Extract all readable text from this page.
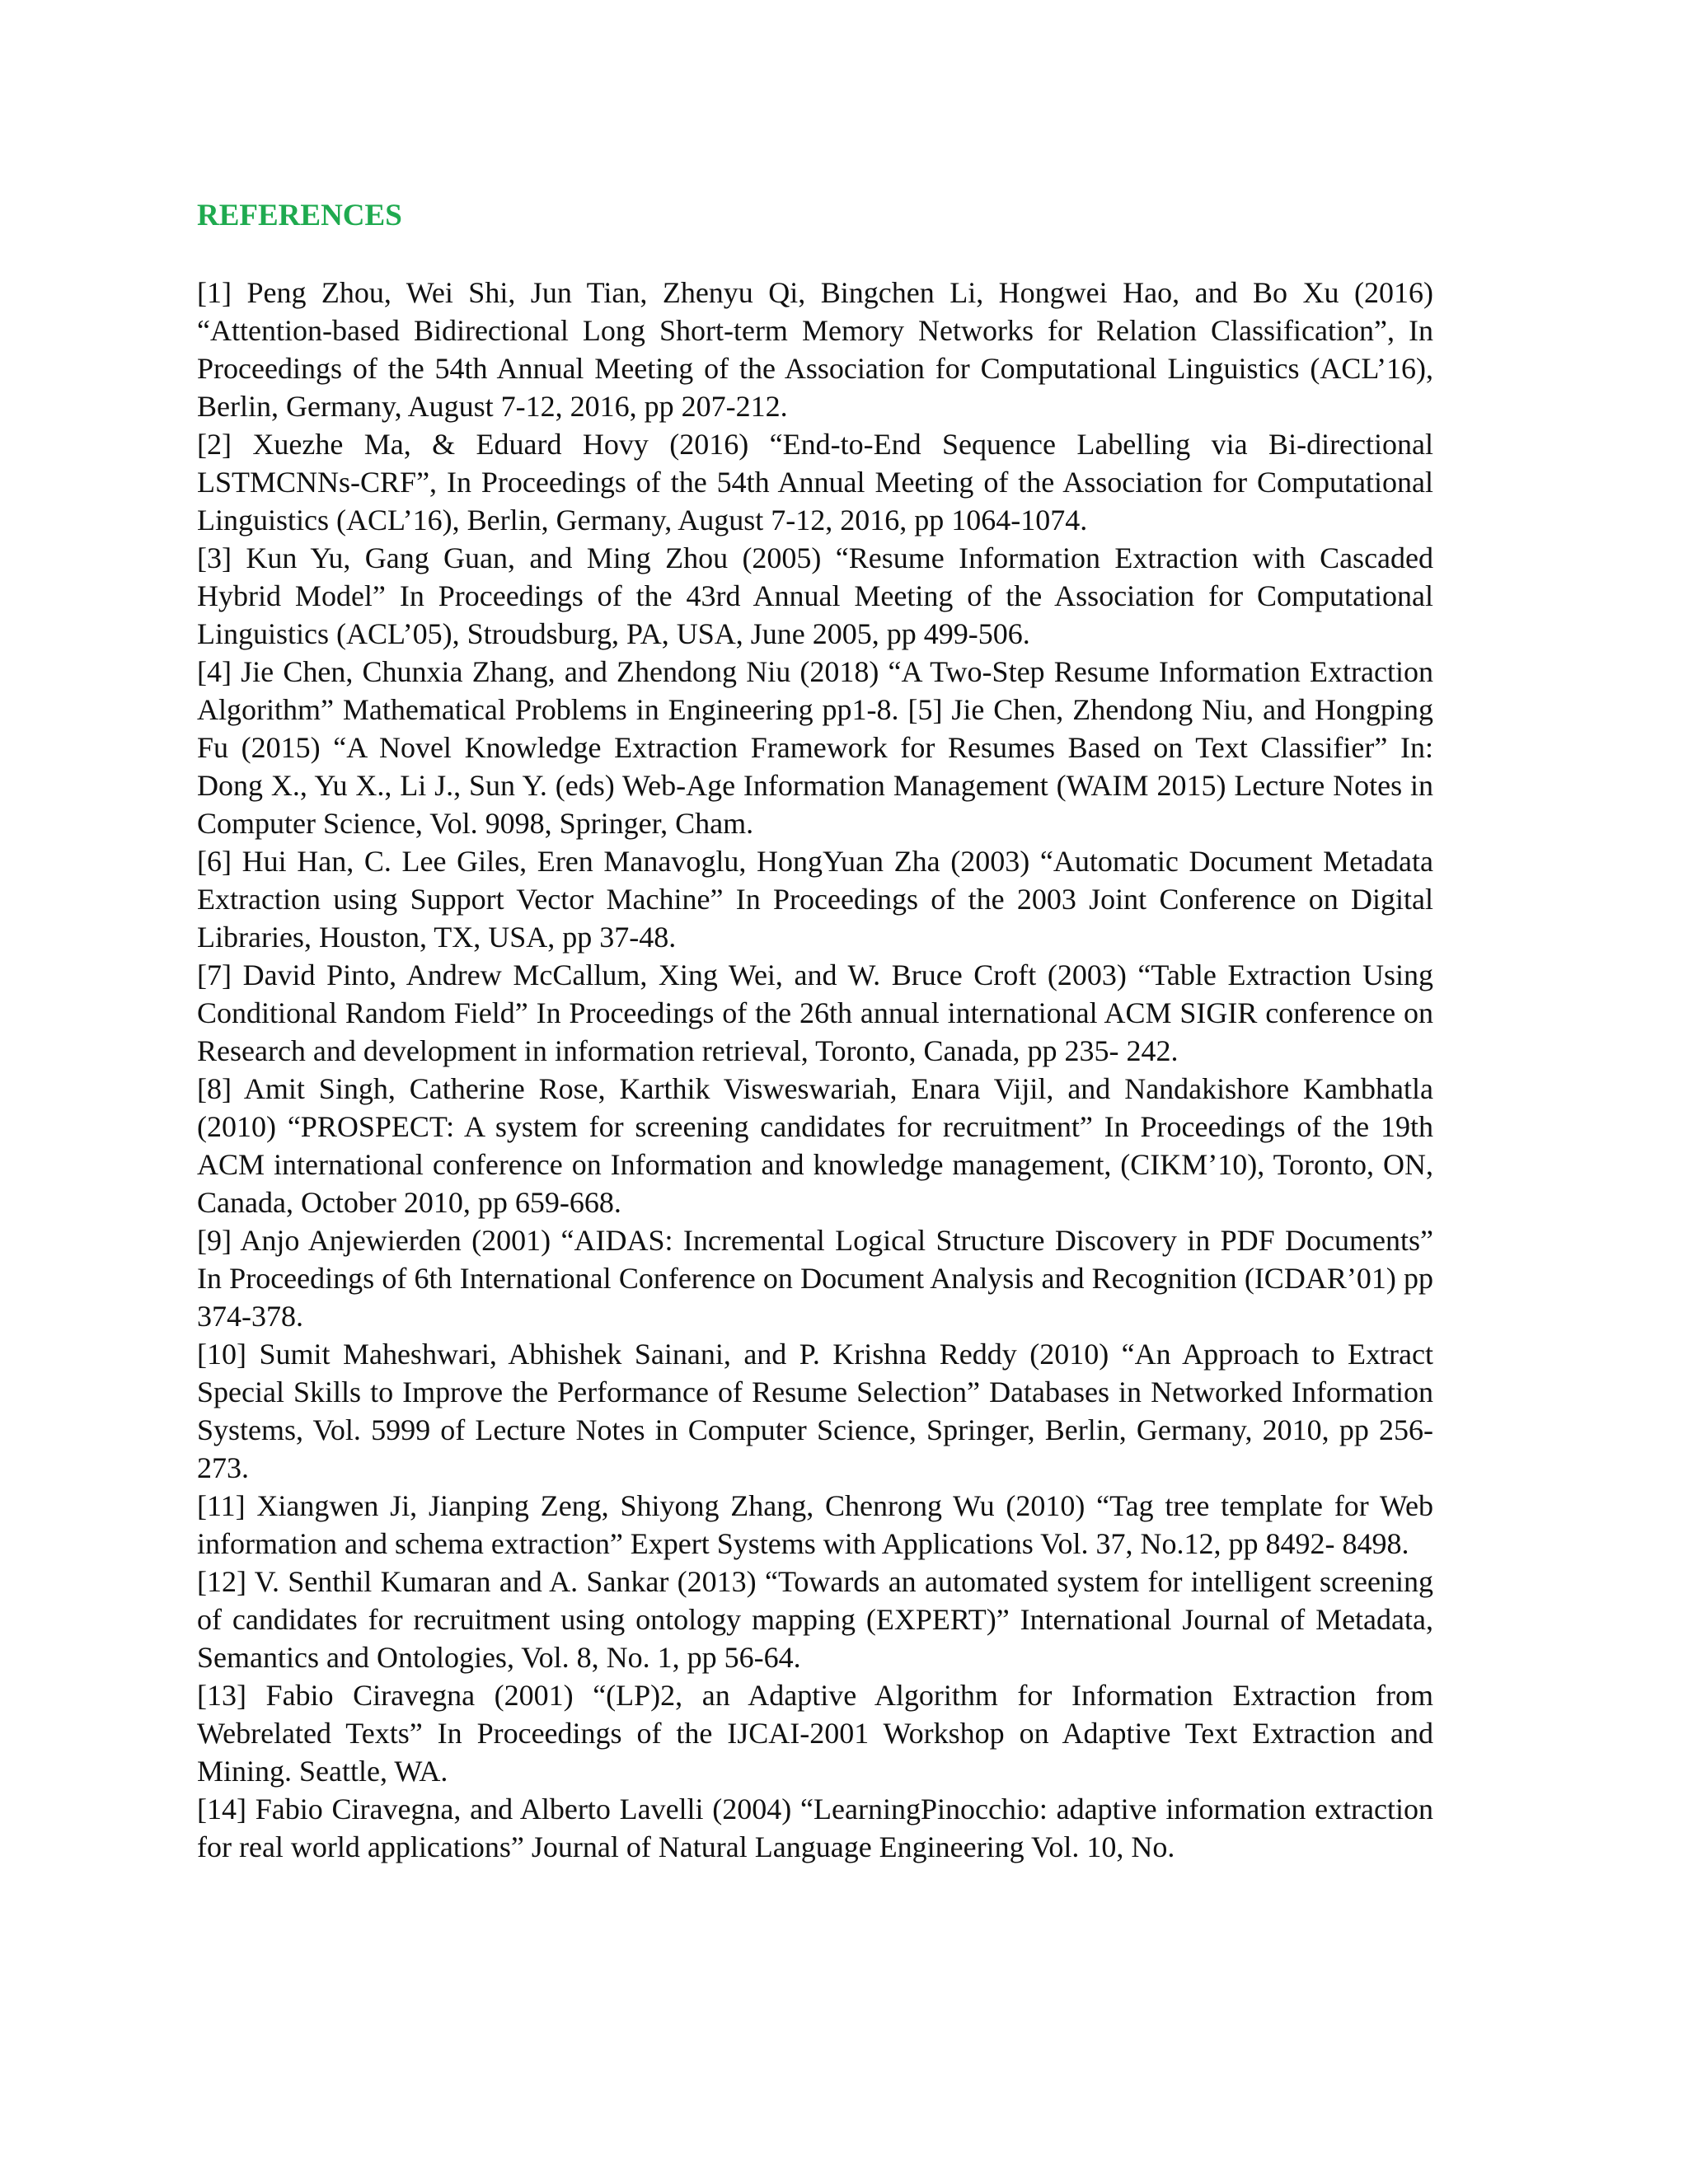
REFERENCES
[1] Peng Zhou, Wei Shi, Jun Tian, Zhenyu Qi, Bingchen Li, Hongwei Hao, and Bo Xu (2016) “Attention-based Bidirectional Long Short-term Memory Networks for Relation Classification”, In Proceedings of the 54th Annual Meeting of the Association for Computational Linguistics (ACL’16), Berlin, Germany, August 7-12, 2016, pp 207-212.
[2] Xuezhe Ma, & Eduard Hovy (2016) “End-to-End Sequence Labelling via Bi-directional LSTMCNNs-CRF”, In Proceedings of the 54th Annual Meeting of the Association for Computational Linguistics (ACL’16), Berlin, Germany, August 7-12, 2016, pp 1064-1074.
[3] Kun Yu, Gang Guan, and Ming Zhou (2005) “Resume Information Extraction with Cascaded Hybrid Model” In Proceedings of the 43rd Annual Meeting of the Association for Computational Linguistics (ACL’05), Stroudsburg, PA, USA, June 2005, pp 499-506.
[4] Jie Chen, Chunxia Zhang, and Zhendong Niu (2018) “A Two-Step Resume Information Extraction Algorithm” Mathematical Problems in Engineering pp1-8. [5] Jie Chen, Zhendong Niu, and Hongping Fu (2015) “A Novel Knowledge Extraction Framework for Resumes Based on Text Classifier” In: Dong X., Yu X., Li J., Sun Y. (eds) Web-Age Information Management (WAIM 2015) Lecture Notes in Computer Science, Vol. 9098, Springer, Cham.
[6] Hui Han, C. Lee Giles, Eren Manavoglu, HongYuan Zha (2003) “Automatic Document Metadata Extraction using Support Vector Machine” In Proceedings of the 2003 Joint Conference on Digital Libraries, Houston, TX, USA, pp 37-48.
[7] David Pinto, Andrew McCallum, Xing Wei, and W. Bruce Croft (2003) “Table Extraction Using Conditional Random Field” In Proceedings of the 26th annual international ACM SIGIR conference on Research and development in information retrieval, Toronto, Canada, pp 235- 242.
[8] Amit Singh, Catherine Rose, Karthik Visweswariah, Enara Vijil, and Nandakishore Kambhatla (2010) “PROSPECT: A system for screening candidates for recruitment” In Proceedings of the 19th ACM international conference on Information and knowledge management, (CIKM’10), Toronto, ON, Canada, October 2010, pp 659-668.
[9] Anjo Anjewierden (2001) “AIDAS: Incremental Logical Structure Discovery in PDF Documents” In Proceedings of 6th International Conference on Document Analysis and Recognition (ICDAR’01) pp 374-378.
[10] Sumit Maheshwari, Abhishek Sainani, and P. Krishna Reddy (2010) “An Approach to Extract Special Skills to Improve the Performance of Resume Selection” Databases in Networked Information Systems, Vol. 5999 of Lecture Notes in Computer Science, Springer, Berlin, Germany, 2010, pp 256-273.
[11] Xiangwen Ji, Jianping Zeng, Shiyong Zhang, Chenrong Wu (2010) “Tag tree template for Web information and schema extraction” Expert Systems with Applications Vol. 37, No.12, pp 8492- 8498.
[12] V. Senthil Kumaran and A. Sankar (2013) “Towards an automated system for intelligent screening of candidates for recruitment using ontology mapping (EXPERT)” International Journal of Metadata, Semantics and Ontologies, Vol. 8, No. 1, pp 56-64.
[13] Fabio Ciravegna (2001) “(LP)2, an Adaptive Algorithm for Information Extraction from Webrelated Texts” In Proceedings of the IJCAI-2001 Workshop on Adaptive Text Extraction and Mining. Seattle, WA.
[14] Fabio Ciravegna, and Alberto Lavelli (2004) “LearningPinocchio: adaptive information extraction for real world applications” Journal of Natural Language Engineering Vol. 10, No.
